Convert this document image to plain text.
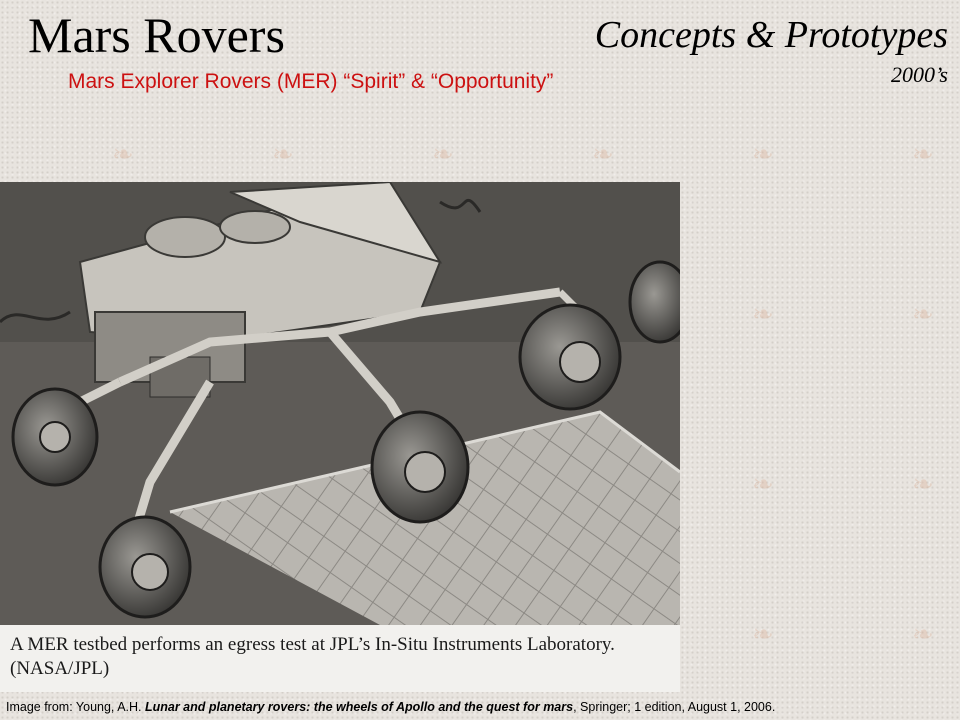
❧	❧	❧	❧	❧	❧
❧	❧
❧	❧
❧	❧
Mars Rovers	Concepts & Prototypes
2000’s
Mars Explorer Rovers (MER) “Spirit” & “Opportunity”
A MER testbed performs an egress test at JPL’s In-Situ Instruments Laboratory.
(NASA/JPL)
Image from: Young, A.H. Lunar and planetary rovers: the wheels of Apollo and the quest for mars, Springer; 1 edition, August 1, 2006.
